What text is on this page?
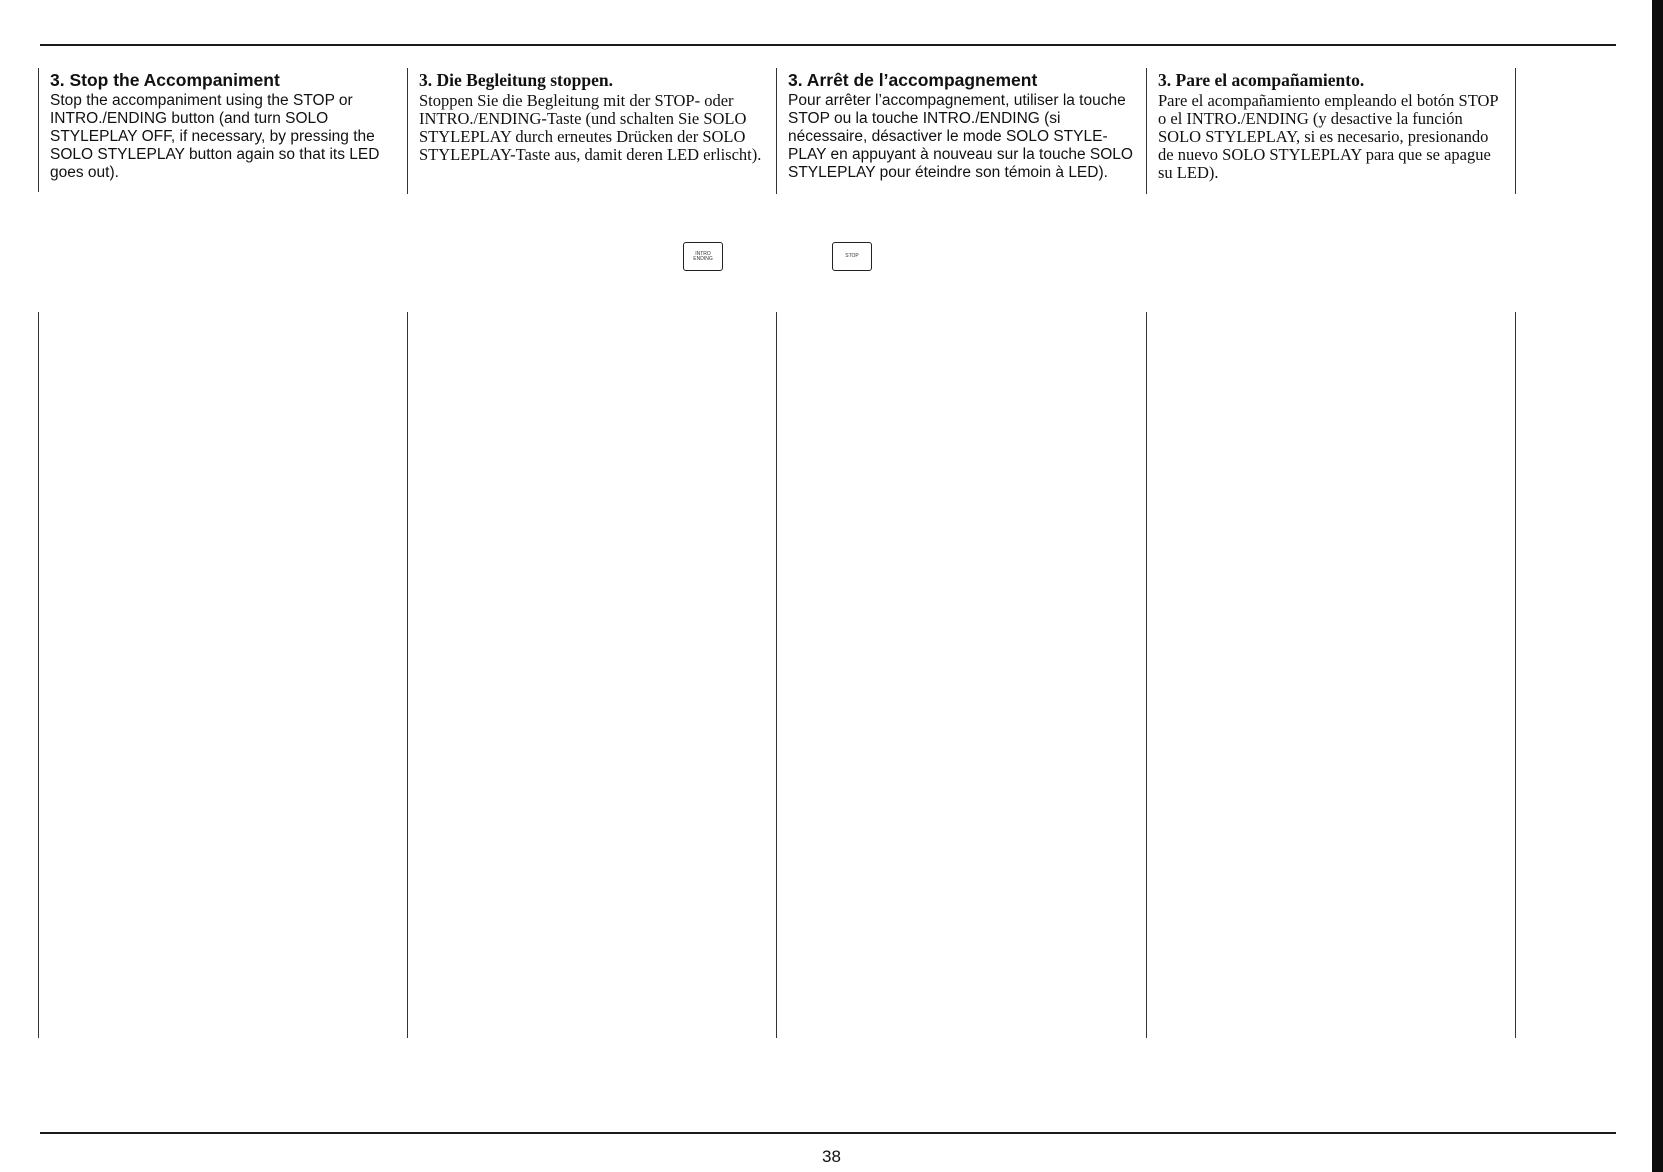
3. Stop the Accompaniment

Stop the accompaniment using the STOP or INTRO./ENDING button (and turn SOLO STYLEPLAY OFF, if necessary, by pressing the SOLO STYLEPLAY button again so that its LED goes out).

3. Die Begleitung stoppen.

Stoppen Sie die Begleitung mit der STOP- oder INTRO./ENDING-Taste (und schalten Sie SOLO STYLEPLAY durch erneutes Drücken der SOLO STYLEPLAY-Taste aus, damit deren LED erlischt).

3. Arrêt de l’accompagnement

Pour arrêter l’accompagnement, utiliser la touche STOP ou la touche INTRO./ENDING (si nécessaire, désactiver le mode SOLO STYLE-PLAY en appuyant à nouveau sur la touche SOLO STYLEPLAY pour éteindre son témoin à LED).

3. Pare el acompañamiento.

Pare el acompañamiento empleando el botón STOP o el INTRO./ENDING (y desactive la función SOLO STYLEPLAY, si es necesario, presionando de nuevo SOLO STYLEPLAY para que se apague su LED).

INTRO
ENDING	STOP
38
